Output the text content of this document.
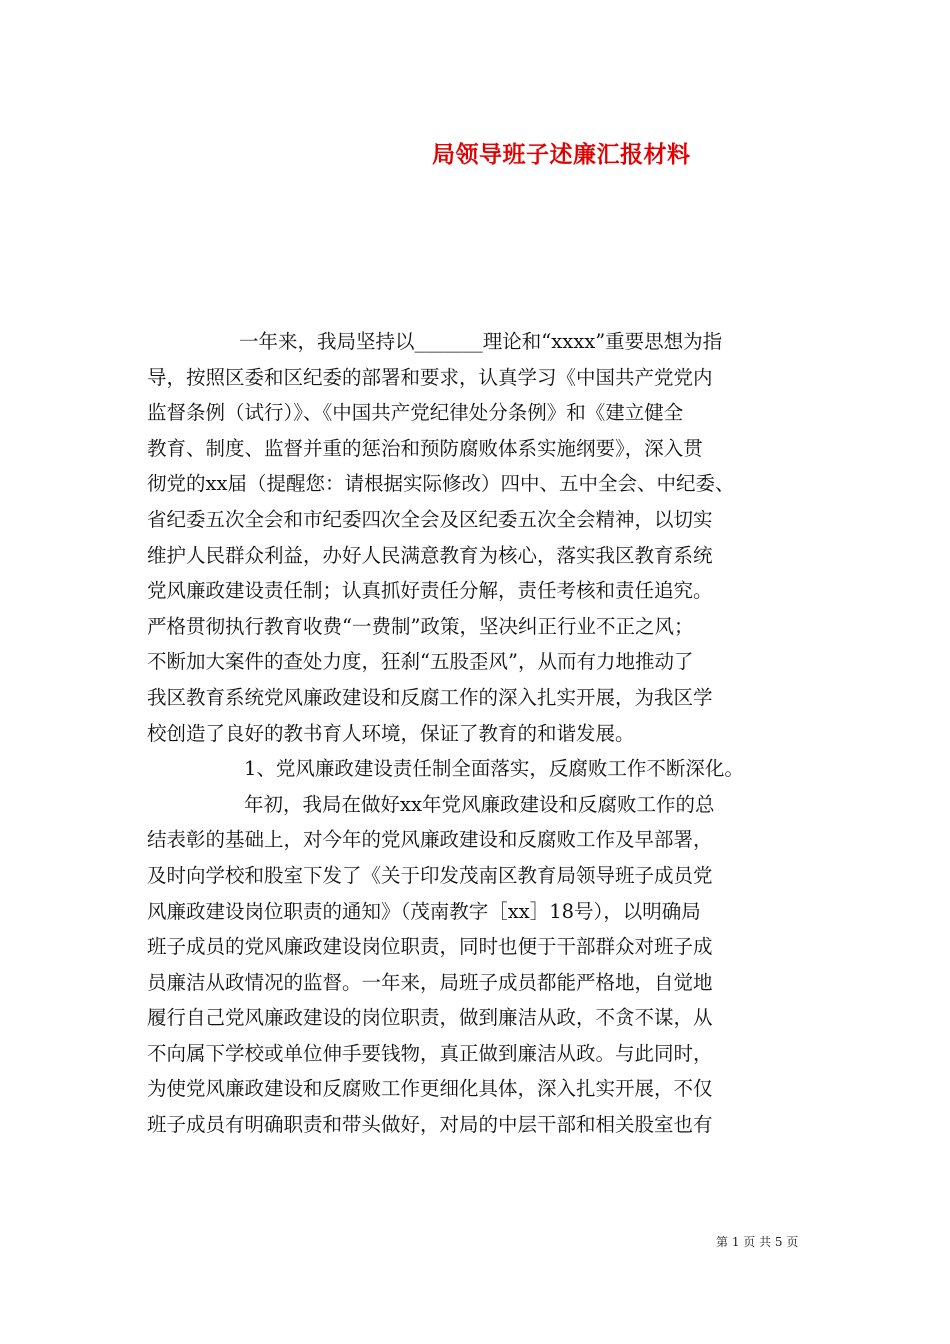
局领导班子述廉汇报材料
一年来，我局坚持以_______理论和“xxxx”重要思想为指
导，按照区委和区纪委的部署和要求，认真学习《中国共产党党内
监督条例（试行）》、《中国共产党纪律处分条例》和《建立健全
教育、制度、监督并重的惩治和预防腐败体系实施纲要》，深入贯
彻党的xx届（提醒您：请根据实际修改）四中、五中全会、中纪委、
省纪委五次全会和市纪委四次全会及区纪委五次全会精神，以切实
维护人民群众利益，办好人民满意教育为核心，落实我区教育系统
党风廉政建设责任制；认真抓好责任分解，责任考核和责任追究。
严格贯彻执行教育收费“一费制”政策，坚决纠正行业不正之风；
不断加大案件的查处力度，狂刹“五股歪风”，从而有力地推动了
我区教育系统党风廉政建设和反腐工作的深入扎实开展，为我区学
校创造了良好的教书育人环境，保证了教育的和谐发展。
1、党风廉政建设责任制全面落实，反腐败工作不断深化。
年初，我局在做好xx年党风廉政建设和反腐败工作的总
结表彰的基础上，对今年的党风廉政建设和反腐败工作及早部署，
及时向学校和股室下发了《关于印发茂南区教育局领导班子成员党
风廉政建设岗位职责的通知》（茂南教字［xx］18号），以明确局
班子成员的党风廉政建设岗位职责，同时也便于干部群众对班子成
员廉洁从政情况的监督。一年来，局班子成员都能严格地，自觉地
履行自己党风廉政建设的岗位职责，做到廉洁从政，不贪不谋，从
不向属下学校或单位伸手要钱物，真正做到廉洁从政。与此同时，
为使党风廉政建设和反腐败工作更细化具体，深入扎实开展，不仅
班子成员有明确职责和带头做好，对局的中层干部和相关股室也有
第 1 页 共 5 页
